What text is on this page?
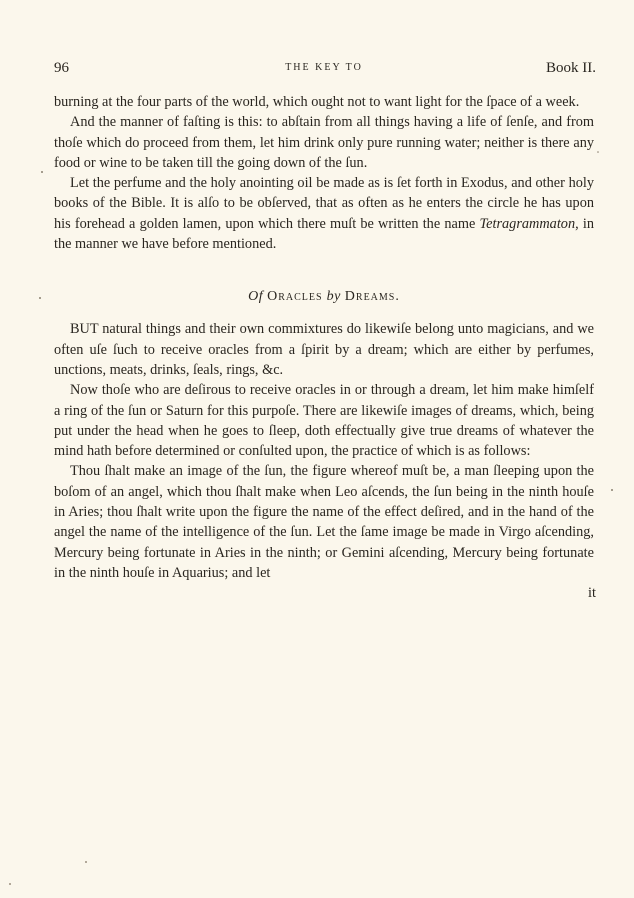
96	THE KEY TO	Book II.

burning at the four parts of the world, which ought not to want light for the ſpace of a week.

And the manner of faſting is this: to abſtain from all things having a life of ſenſe, and from thoſe which do proceed from them, let him drink only pure running water; neither is there any food or wine to be taken till the going down of the ſun.

Let the perfume and the holy anointing oil be made as is ſet forth in Exodus, and other holy books of the Bible. It is alſo to be obſerved, that as often as he enters the circle he has upon his forehead a golden lamen, upon which there muſt be written the name Tetragrammaton, in the manner we have before mentioned.

Of Oracles by Dreams.

BUT natural things and their own commixtures do likewiſe belong unto magicians, and we often uſe ſuch to receive oracles from a ſpirit by a dream; which are either by perfumes, unctions, meats, drinks, ſeals, rings, &c.

Now thoſe who are deſirous to receive oracles in or through a dream, let him make himſelf a ring of the ſun or Saturn for this purpoſe. There are likewiſe images of dreams, which, being put under the head when he goes to ſleep, doth effectually give true dreams of whatever the mind hath before determined or conſulted upon, the practice of which is as follows:

Thou ſhalt make an image of the ſun, the figure whereof muſt be, a man ſleeping upon the boſom of an angel, which thou ſhalt make when Leo aſcends, the ſun being in the ninth houſe in Aries; thou ſhalt write upon the figure the name of the effect deſired, and in the hand of the angel the name of the intelligence of the ſun. Let the ſame image be made in Virgo aſcending, Mercury being fortunate in Aries in the ninth; or Gemini aſcending, Mercury being fortunate in the ninth houſe in Aquarius; and let

it
